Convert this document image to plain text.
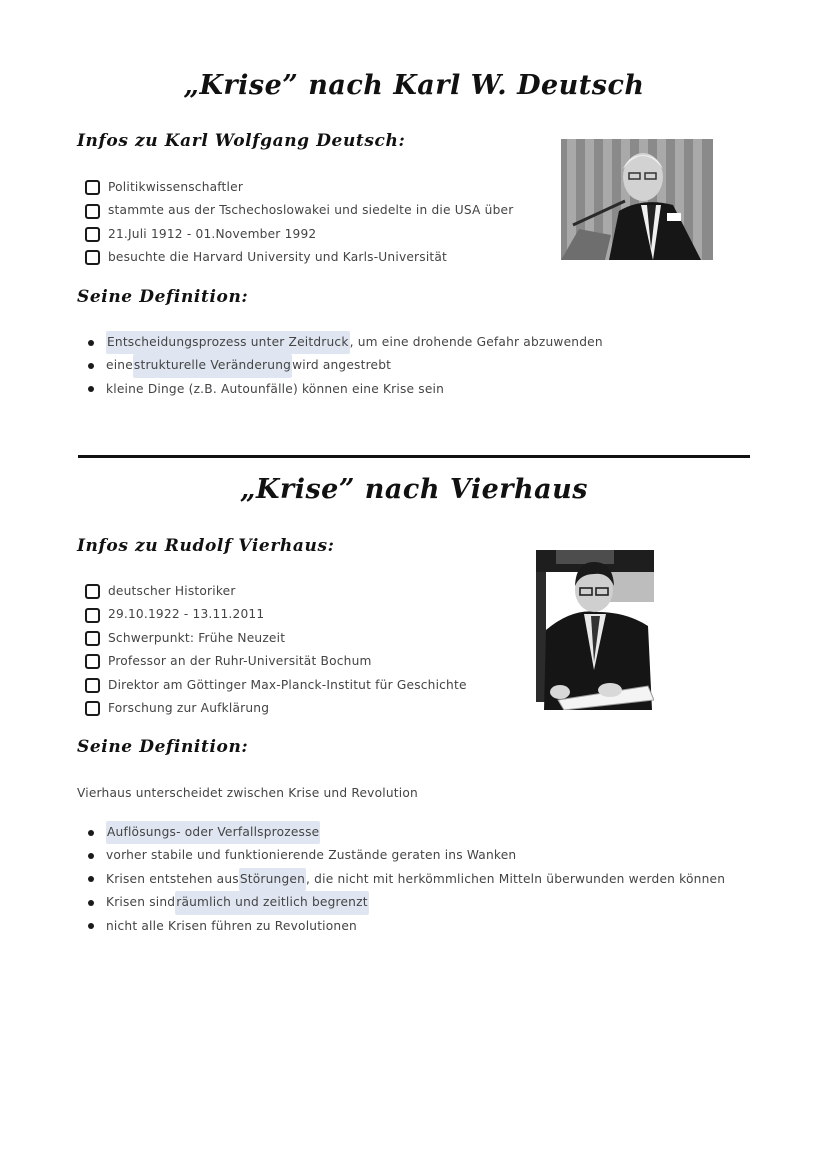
„Krise” nach Karl W. Deutsch
Infos zu Karl Wolfgang Deutsch:
Politikwissenschaftler
stammte aus der Tschechoslowakei und siedelte in die USA über
21.Juli 1912 - 01.November 1992
besuchte die Harvard University und Karls-Universität
Seine Definition:
Entscheidungsprozess unter Zeitdruck , um eine drohende Gefahr abzuwenden
eine strukturelle Veränderung wird angestrebt
kleine Dinge (z.B. Autounfälle) können eine Krise sein
„Krise” nach Vierhaus
Infos zu Rudolf Vierhaus:
deutscher Historiker
29.10.1922 - 13.11.2011
Schwerpunkt: Frühe Neuzeit
Professor an der Ruhr-Universität Bochum
Direktor am Göttinger Max-Planck-Institut für Geschichte
Forschung zur Aufklärung
Seine Definition:

Vierhaus unterscheidet zwischen Krise und Revolution

Auflösungs- oder Verfallsprozesse
vorher stabile und funktionierende Zustände geraten ins Wanken
Krisen entstehen aus Störungen , die nicht mit herkömmlichen Mitteln überwunden werden können
Krisen sind räumlich und zeitlich begrenzt
nicht alle Krisen führen zu Revolutionen
